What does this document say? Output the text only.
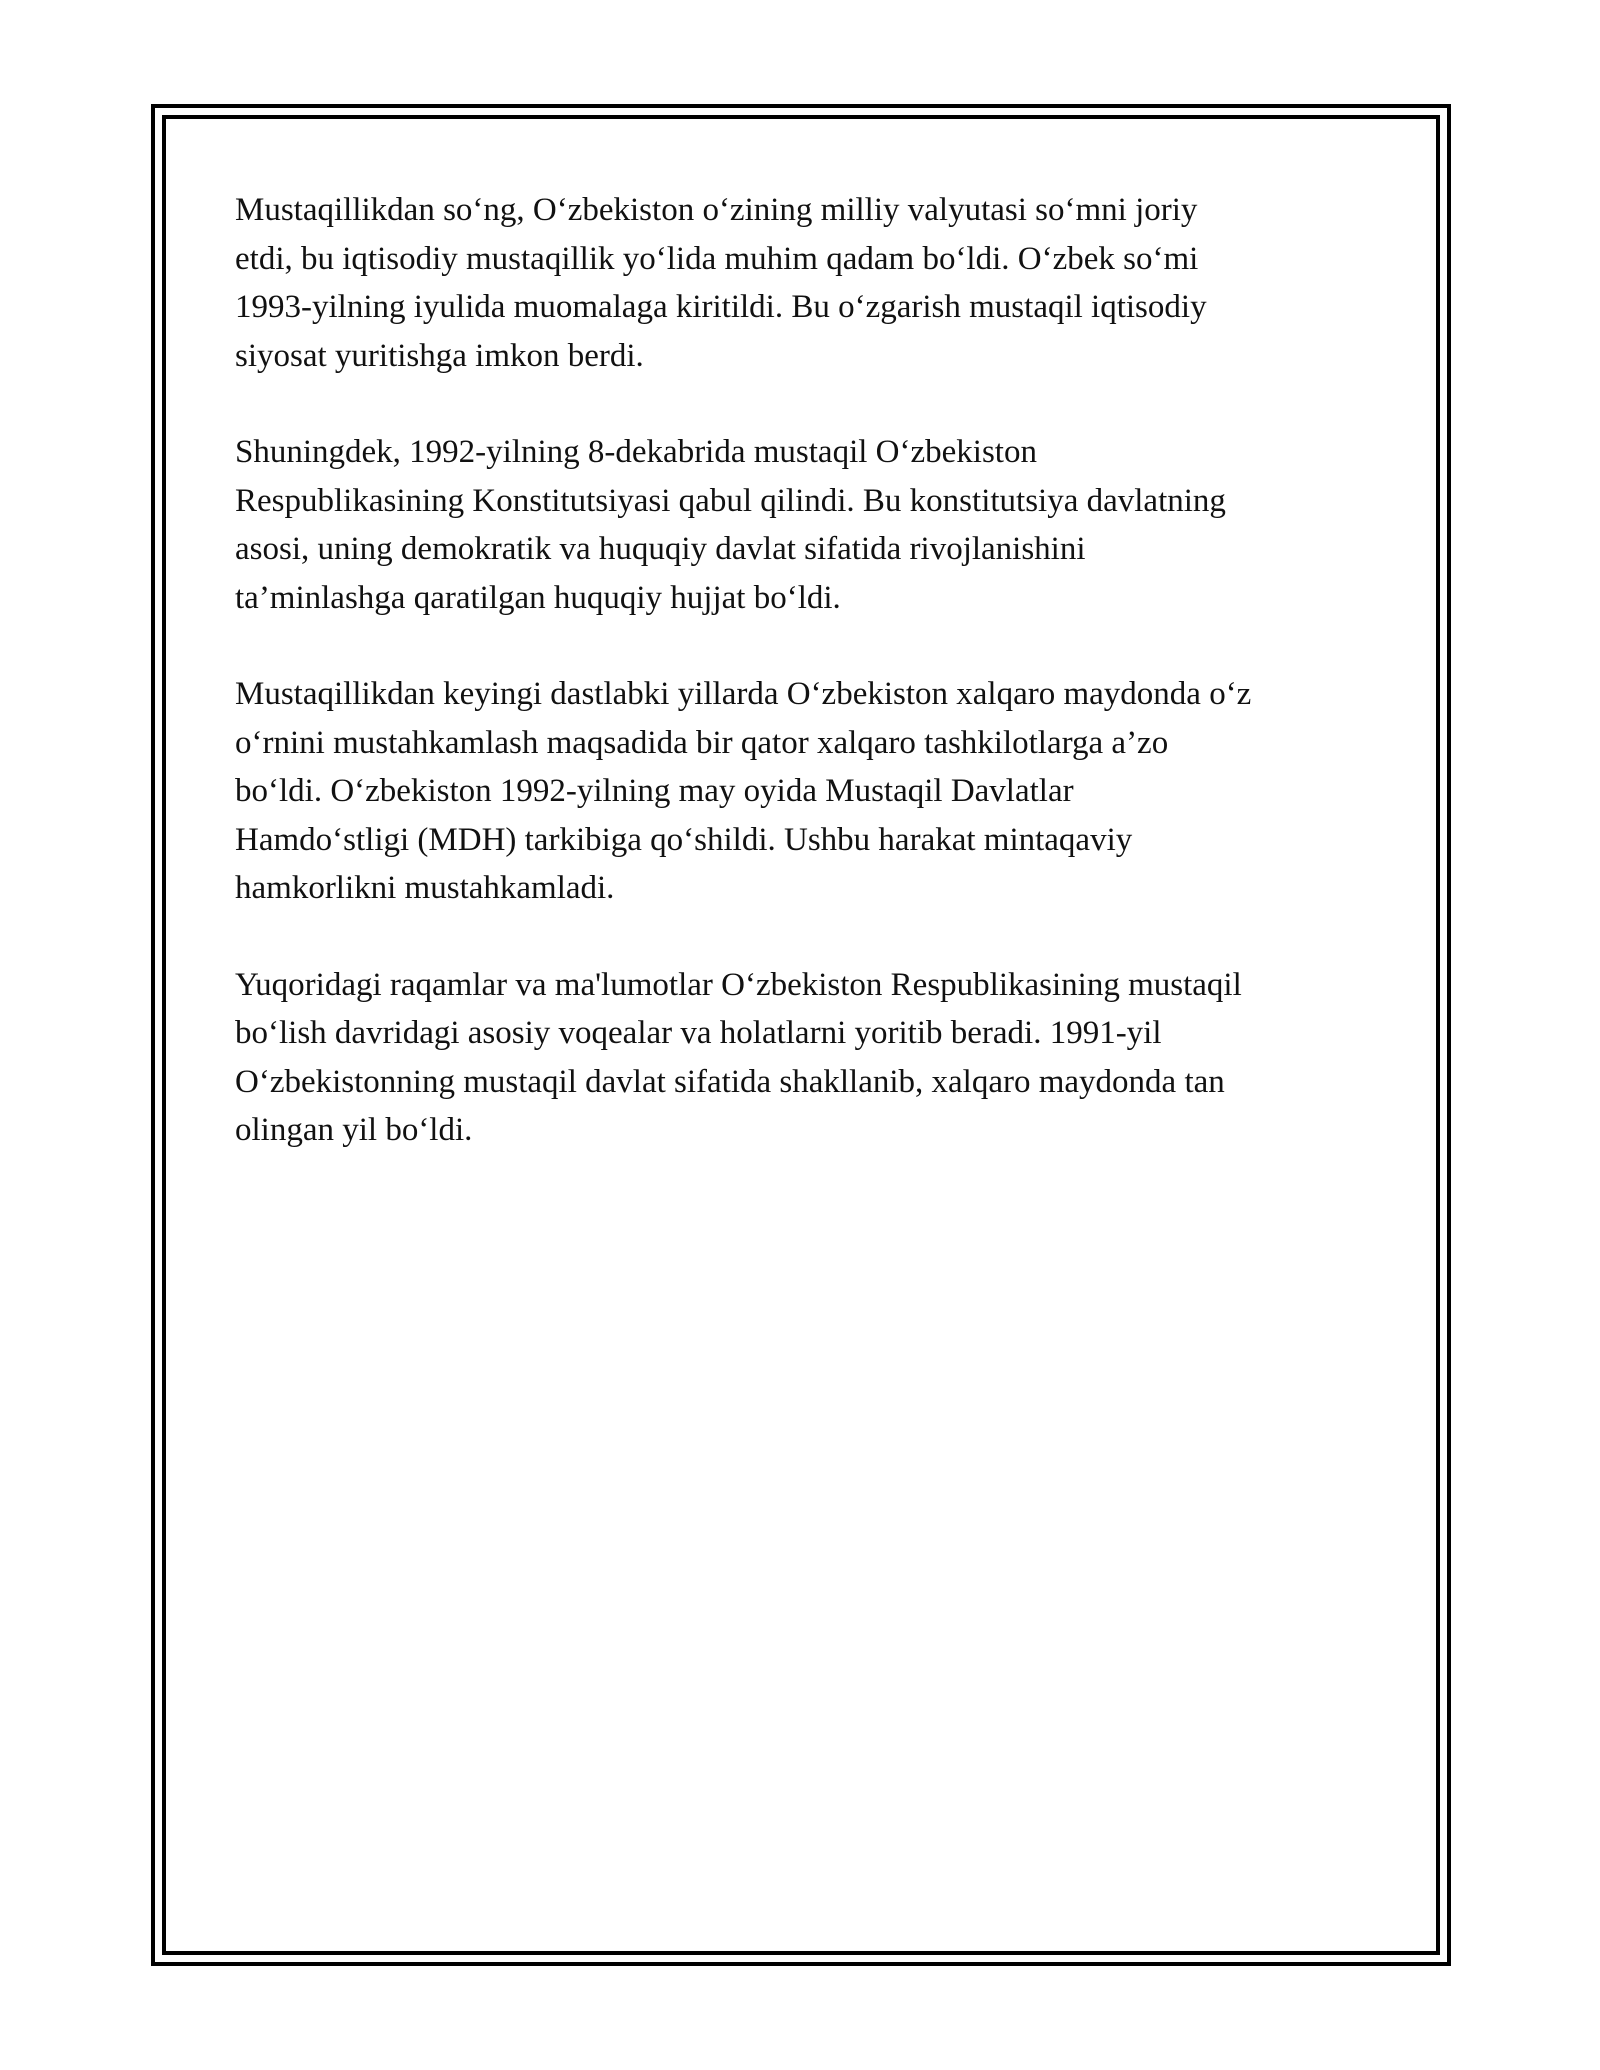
Mustaqillikdan so‘ng, O‘zbekiston o‘zining milliy valyutasi so‘mni joriy
etdi, bu iqtisodiy mustaqillik yo‘lida muhim qadam bo‘ldi. O‘zbek so‘mi
1993-yilning iyulida muomalaga kiritildi. Bu o‘zgarish mustaqil iqtisodiy
siyosat yuritishga imkon berdi.

Shuningdek, 1992-yilning 8-dekabrida mustaqil O‘zbekiston
Respublikasining Konstitutsiyasi qabul qilindi. Bu konstitutsiya davlatning
asosi, uning demokratik va huquqiy davlat sifatida rivojlanishini
ta’minlashga qaratilgan huquqiy hujjat bo‘ldi.

Mustaqillikdan keyingi dastlabki yillarda O‘zbekiston xalqaro maydonda o‘z
o‘rnini mustahkamlash maqsadida bir qator xalqaro tashkilotlarga a’zo
bo‘ldi. O‘zbekiston 1992-yilning may oyida Mustaqil Davlatlar
Hamdo‘stligi (MDH) tarkibiga qo‘shildi. Ushbu harakat mintaqaviy
hamkorlikni mustahkamladi.

Yuqoridagi raqamlar va ma'lumotlar O‘zbekiston Respublikasining mustaqil
bo‘lish davridagi asosiy voqealar va holatlarni yoritib beradi. 1991-yil
O‘zbekistonning mustaqil davlat sifatida shakllanib, xalqaro maydonda tan
olingan yil bo‘ldi.
